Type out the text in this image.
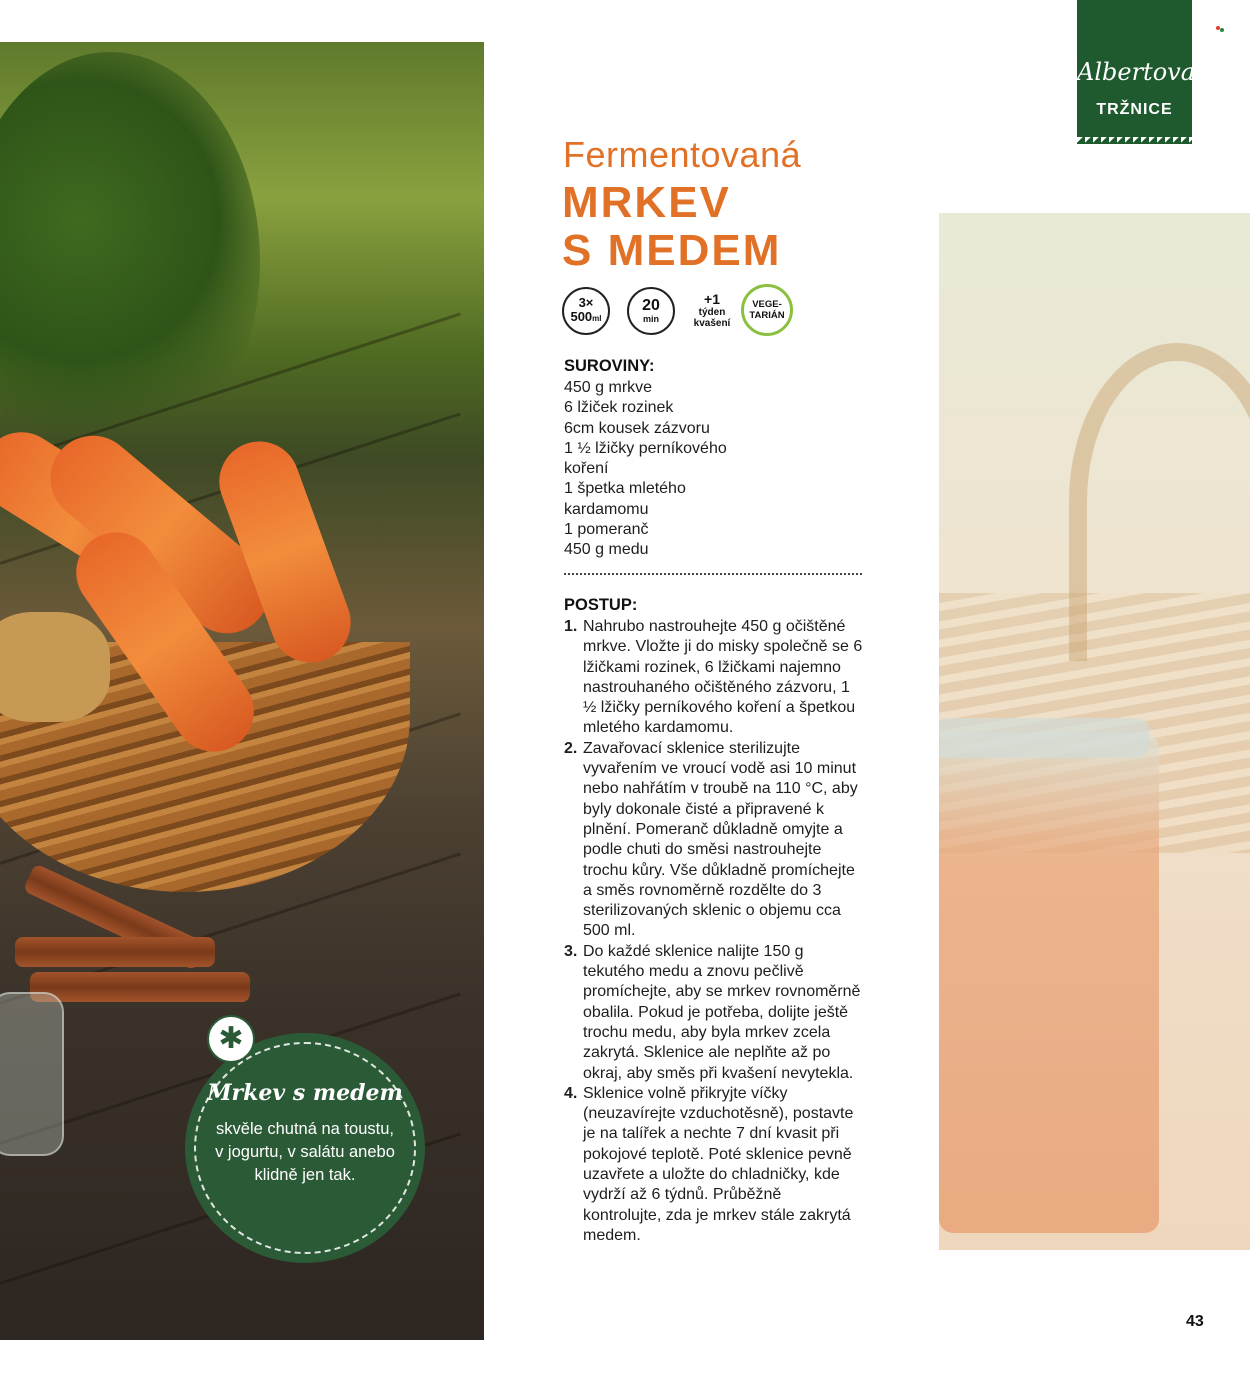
✱
Mrkev s medem
skvěle chutná na toustu,
v jogurtu, v salátu anebo
klidně jen tak.
Albertova
TRŽNICE
Fermentovaná
MRKEV
S MEDEM
3×
500ml
20
min
+1
týden
kvašení
VEGE-
TARIÁN
SUROVINY:
450 g mrkve
6 lžiček rozinek
6cm kousek zázvoru
1 ½ lžičky perníkového
koření
1 špetka mletého
kardamomu
1 pomeranč
450 g medu
POSTUP:
1. Nahrubo nastrouhejte 450 g očištěné mrkve. Vložte ji do misky společně se 6 lžičkami rozinek, 6 lžičkami najemno nastrouhaného očištěného zázvoru, 1 ½ lžičky perníkového koření a špetkou mletého kardamomu.
2. Zavařovací sklenice sterilizujte vyvařením ve vroucí vodě asi 10 minut nebo nahřátím v troubě na 110 °C, aby byly dokonale čisté a připravené k plnění. Pomeranč důkladně omyjte a podle chuti do směsi nastrouhejte trochu kůry. Vše důkladně promíchejte a směs rovnoměrně rozdělte do 3 sterilizovaných sklenic o objemu cca 500 ml.
3. Do každé sklenice nalijte 150 g tekutého medu a znovu pečlivě promíchejte, aby se mrkev rovnoměrně obalila. Pokud je potřeba, dolijte ještě trochu medu, aby byla mrkev zcela zakrytá. Sklenice ale neplňte až po okraj, aby směs při kvašení nevytekla.
4. Sklenice volně přikryjte víčky (neuzavírejte vzduchotěsně), postavte je na talířek a nechte 7 dní kvasit při pokojové teplotě. Poté sklenice pevně uzavřete a uložte do chladničky, kde vydrží až 6 týdnů. Průběžně kontrolujte, zda je mrkev stále zakrytá medem.
43
